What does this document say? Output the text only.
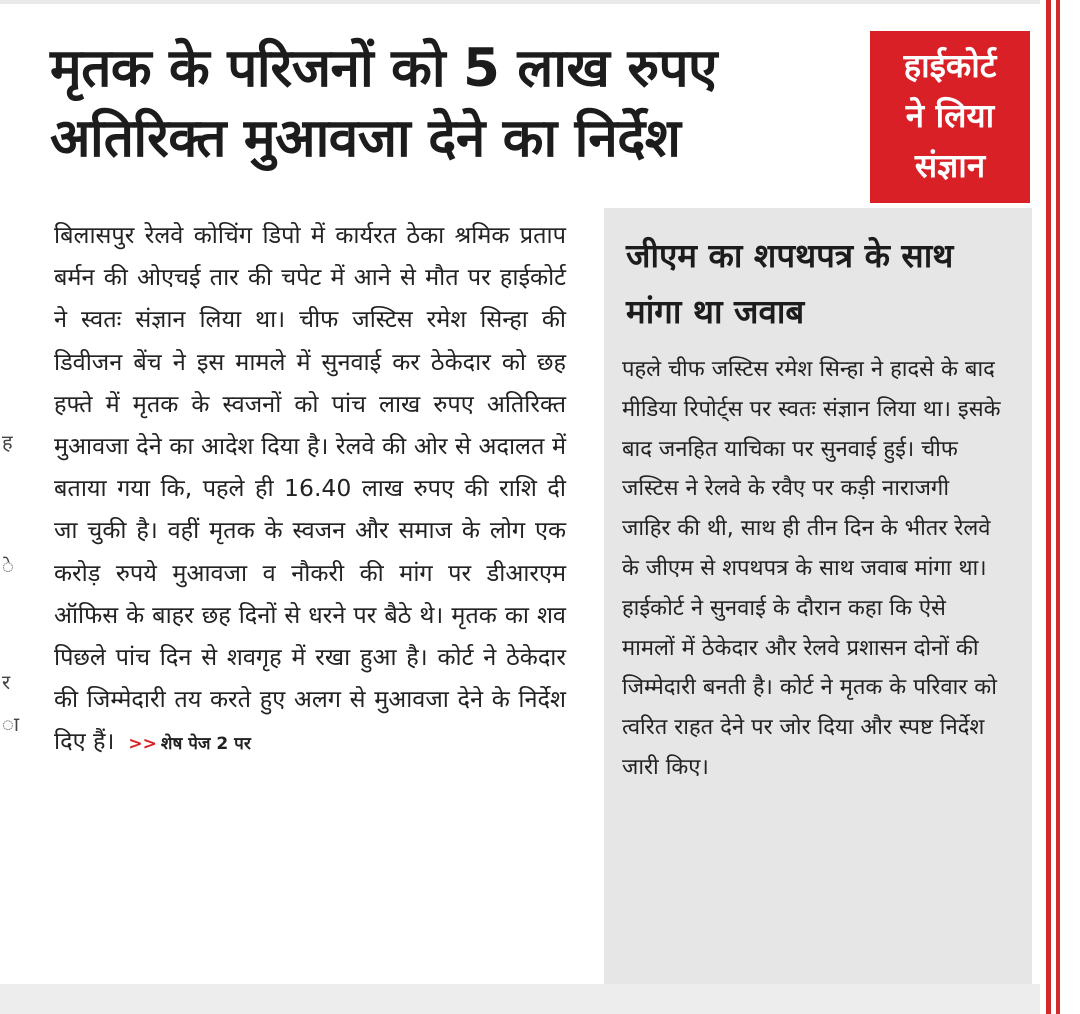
ह
े
र
ा
मृतक के परिजनों को 5 लाख रुपए
अतिरिक्त मुआवजा देने का निर्देश
हाईकोर्ट
ने लिया
संज्ञान

बिलासपुर रेलवे कोचिंग डिपो में कार्यरत ठेका श्रमिक प्रताप बर्मन की ओएचई तार की चपेट में आने से मौत पर हाईकोर्ट ने स्वतः संज्ञान लिया था। चीफ जस्टिस रमेश सिन्हा की डिवीजन बेंच ने इस मामले में सुनवाई कर ठेकेदार को छह हफ्ते में मृतक के स्वजनों को पांच लाख रुपए अतिरिक्त मुआवजा देने का आदेश दिया है। रेलवे की ओर से अदालत में बताया गया कि, पहले ही 16.40 लाख रुपए की राशि दी जा चुकी है। वहीं मृतक के स्वजन और समाज के लोग एक करोड़ रुपये मुआवजा व नौकरी की मांग पर डीआरएम ऑफिस के बाहर छह दिनों से धरने पर बैठे थे। मृतक का शव पिछले पांच दिन से शवगृह में रखा हुआ है। कोर्ट ने ठेकेदार की जिम्मेदारी तय करते हुए अलग से मुआवजा देने के निर्देश दिए हैं। >> शेष पेज 2 पर

जीएम का शपथपत्र के साथ मांगा था जवाब

पहले चीफ जस्टिस रमेश सिन्हा ने हादसे के बाद मीडिया रिपोर्ट्स पर स्वतः संज्ञान लिया था। इसके बाद जनहित याचिका पर सुनवाई हुई। चीफ जस्टिस ने रेलवे के रवैए पर कड़ी नाराजगी जाहिर की थी, साथ ही तीन दिन के भीतर रेलवे के जीएम से शपथपत्र के साथ जवाब मांगा था। हाईकोर्ट ने सुनवाई के दौरान कहा कि ऐसे मामलों में ठेकेदार और रेलवे प्रशासन दोनों की जिम्मेदारी बनती है। कोर्ट ने मृतक के परिवार को त्वरित राहत देने पर जोर दिया और स्पष्ट निर्देश जारी किए।
